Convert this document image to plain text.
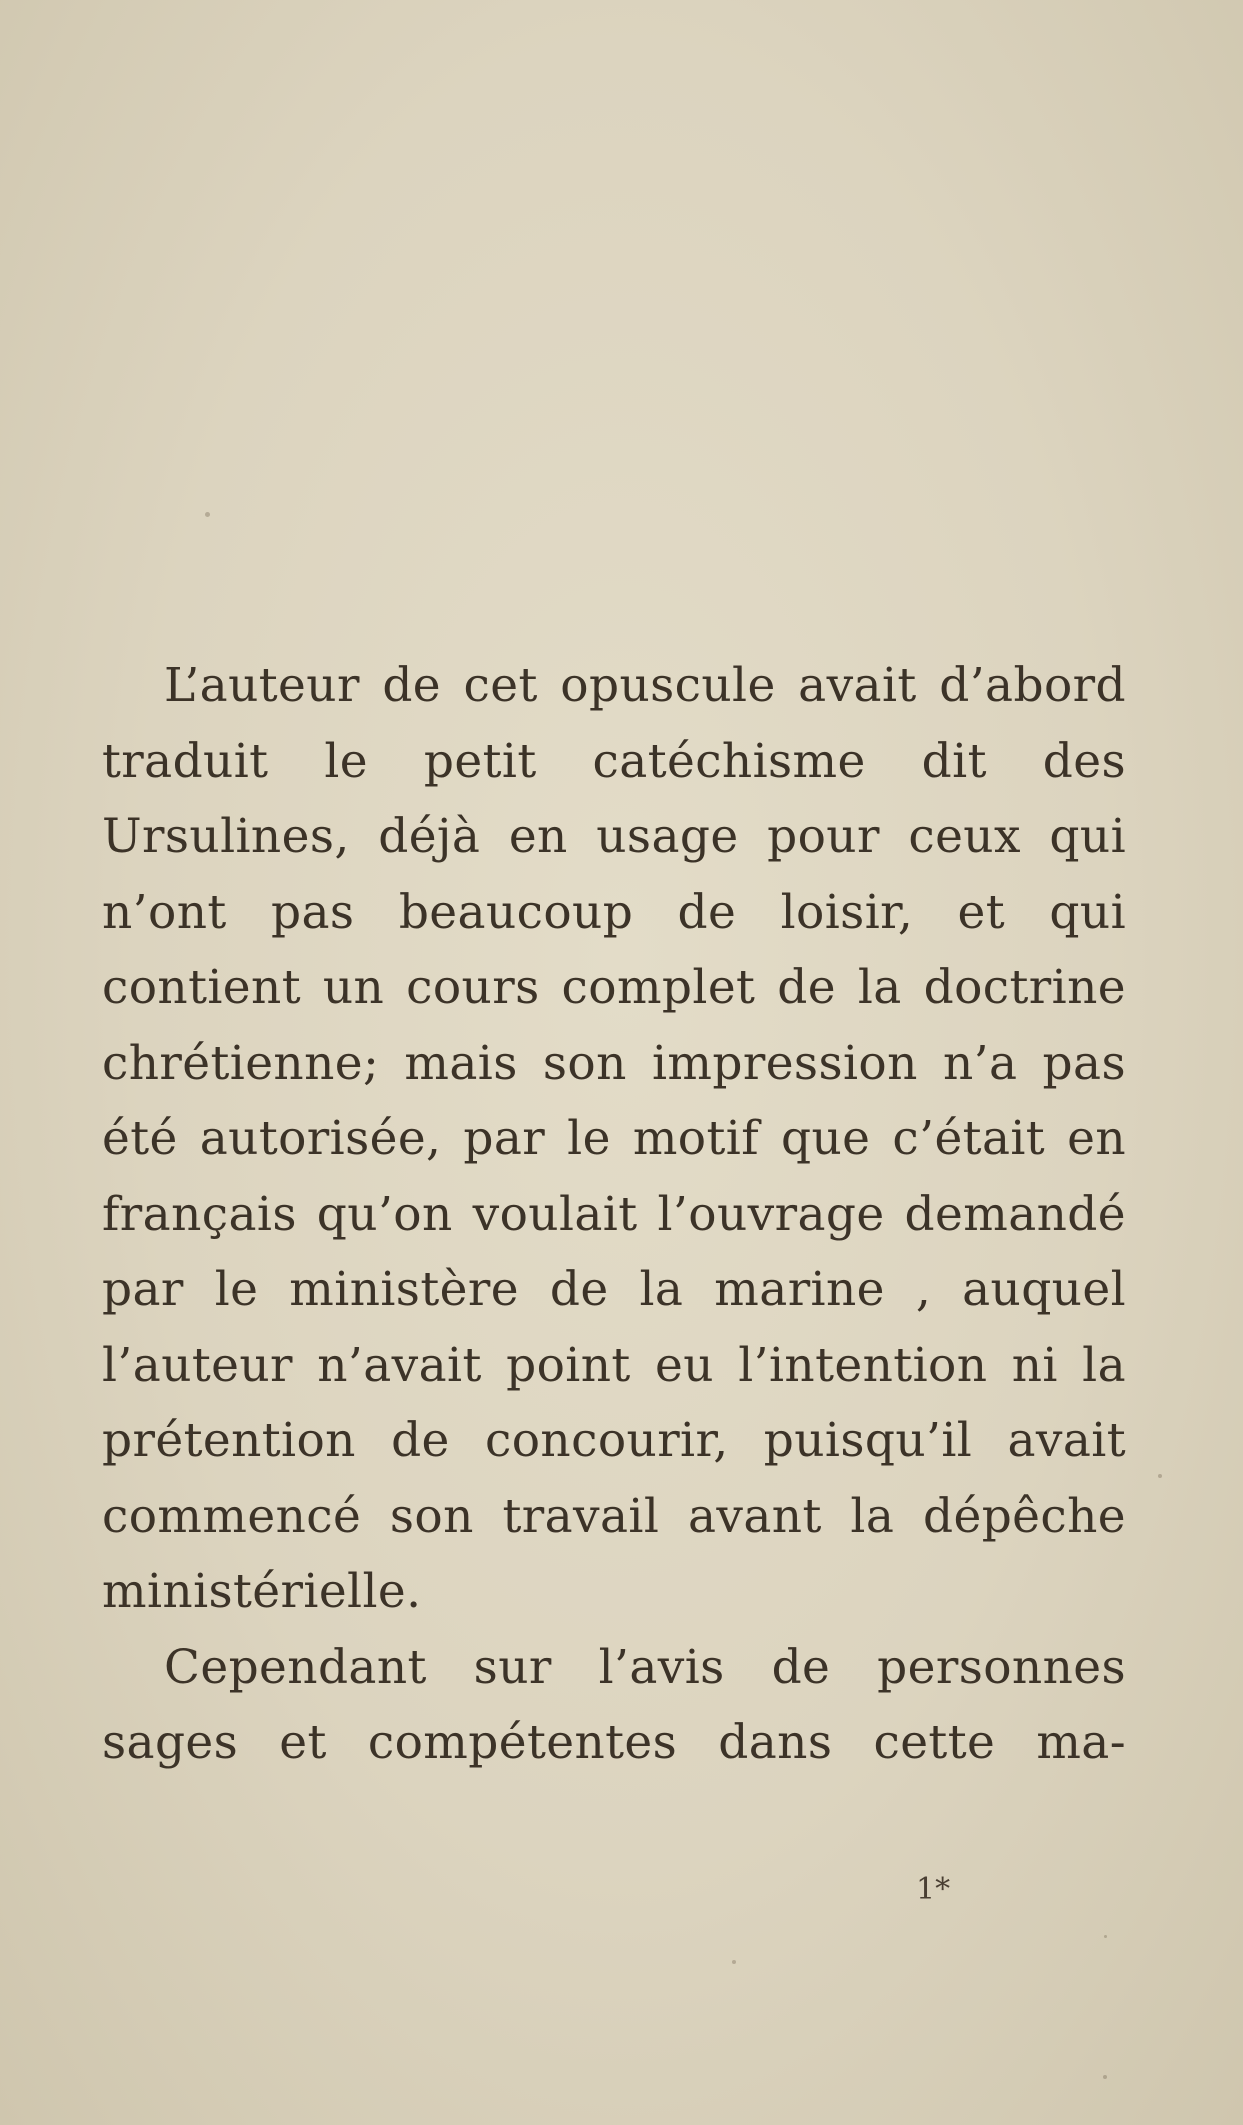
L’auteur de cet opuscule avait d’abord traduit le petit catéchisme dit des Ursulines, déjà en usage pour ceux qui n’ont pas beaucoup de loisir, et qui contient un cours complet de la doctrine chrétienne; mais son impression n’a pas été autorisée, par le motif que c’était en français qu’on voulait l’ouvrage demandé par le ministère de la marine , auquel l’auteur n’avait point eu l’intention ni la prétention de concourir, puisqu’il avait commencé son travail avant la dépêche ministérielle.

Cependant sur l’avis de personnes sages et compétentes dans cette ma-

1*
